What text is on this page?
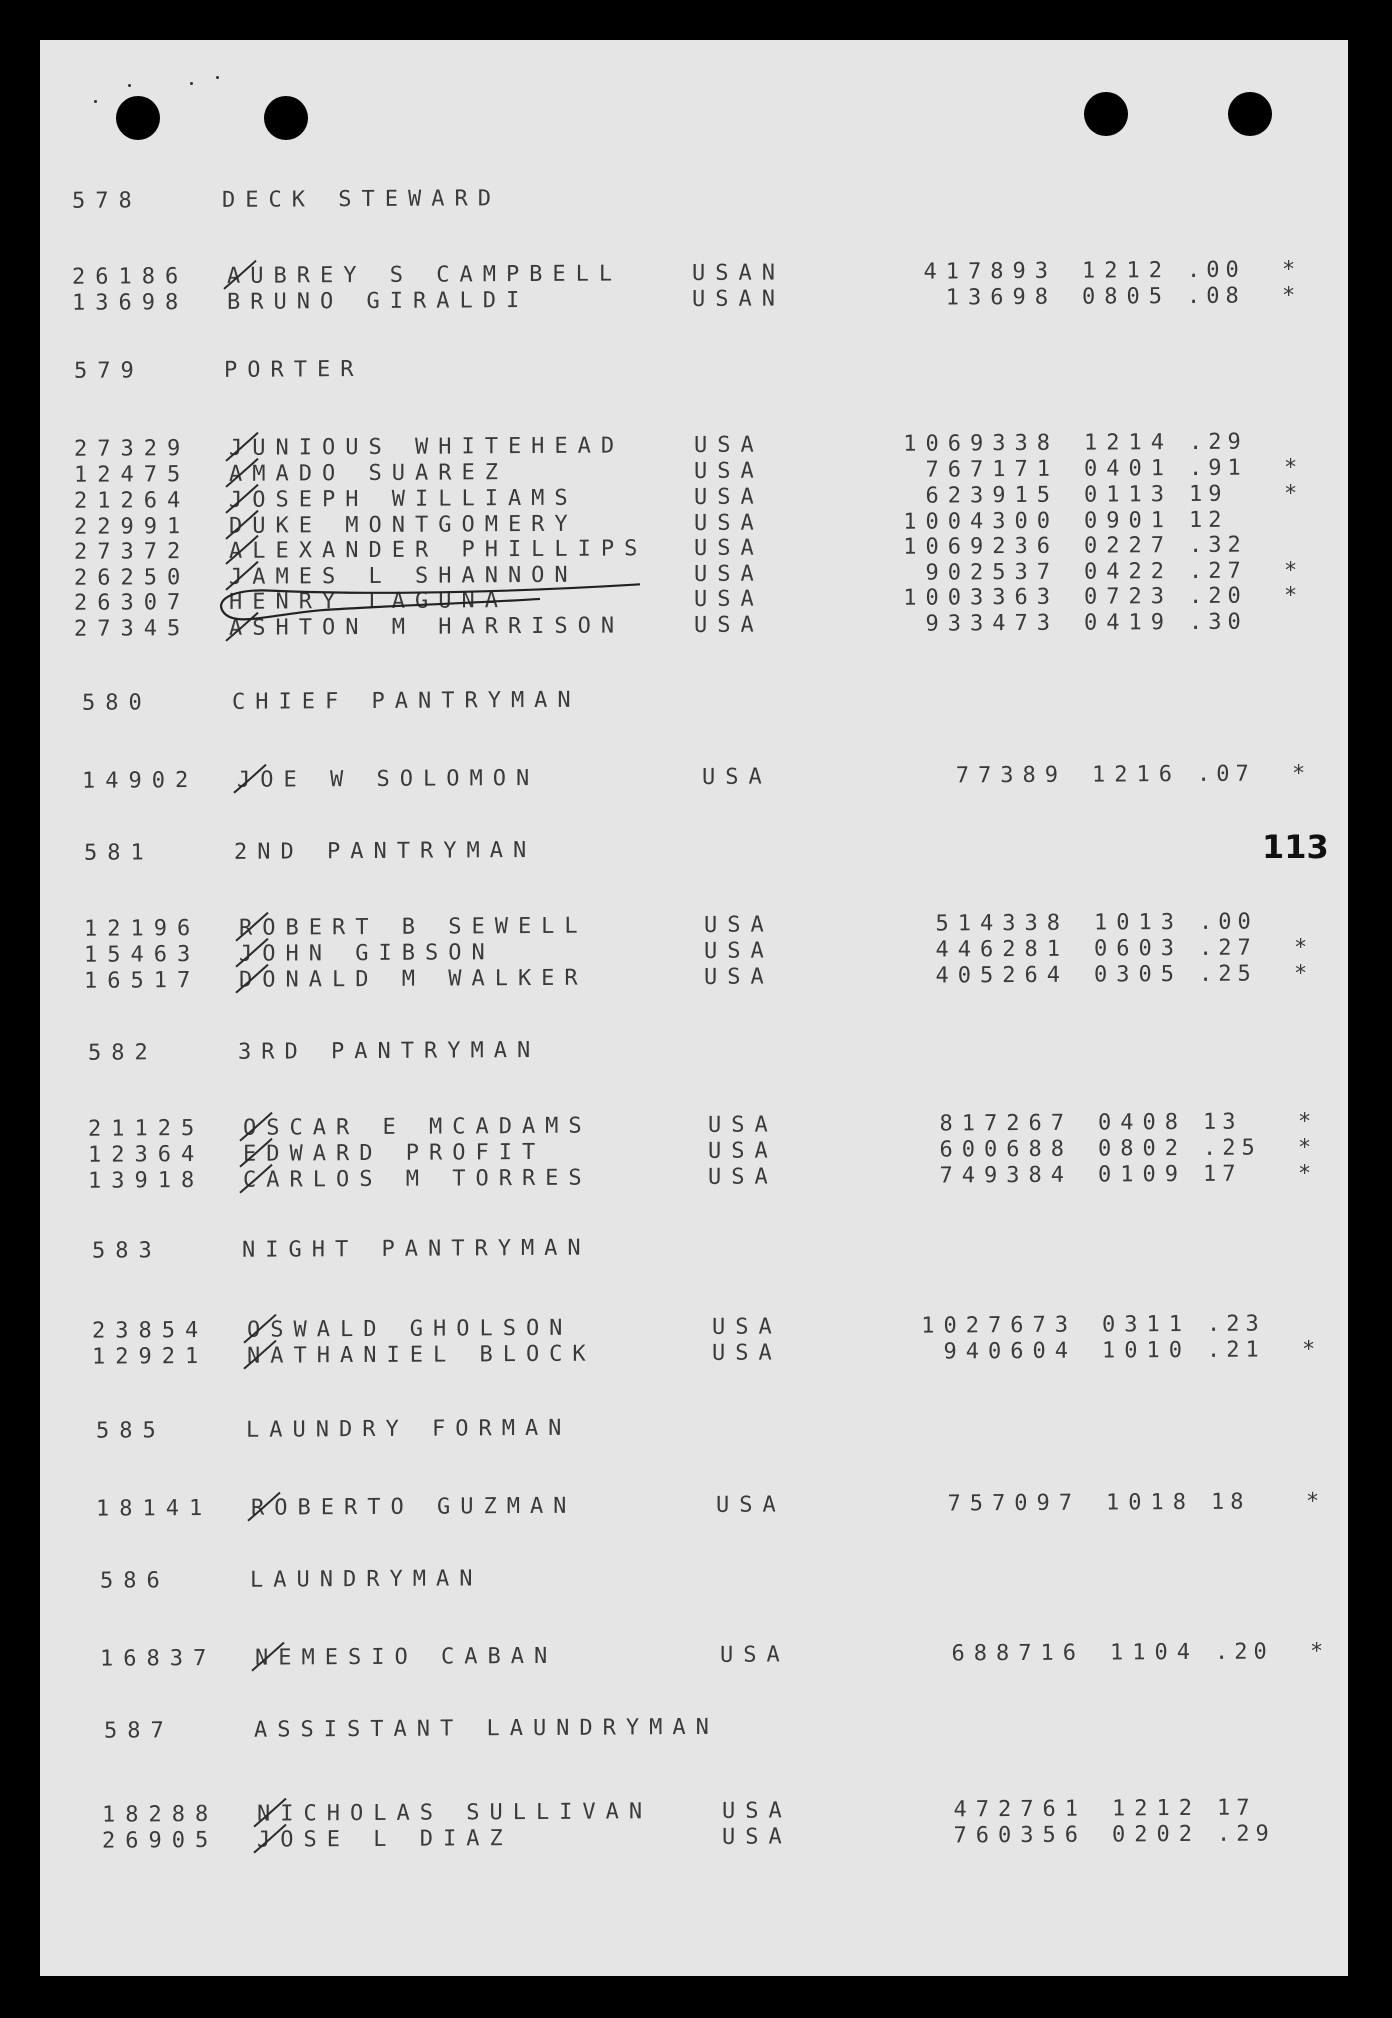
113
578	DECK STEWARD
26186 AUBREY S CAMPBELL	USAN	417893 1212 .00 *
13698 BRUNO GIRALDI	USAN	13698 0805 .08 *
579	PORTER
27329 JUNIOUS WHITEHEAD	USA	1069338 1214 .29
12475 AMADO SUAREZ	USA	767171 0401 .91 *
21264 JOSEPH WILLIAMS	USA	623915 0113 19	*
22991 DUKE MONTGOMERY	USA	1004300 0901 12
27372 ALEXANDER PHILLIPS USA	1069236 0227 .32
26250 JAMES L SHANNON	USA	902537 0422 .27 *
26307 HENRY LAGUNA	USA	1003363 0723 .20 *
27345 ASHTON M HARRISON	USA	933473 0419 .30
580	CHIEF PANTRYMAN
14902 JOE W SOLOMON	USA	77389 1216 .07 *
581	2ND PANTRYMAN
12196 ROBERT B SEWELL	USA	514338 1013 .00
15463 JOHN GIBSON	USA	446281 0603 .27 *
16517 DONALD M WALKER	USA	405264 0305 .25 *
582	3RD PANTRYMAN
21125 OSCAR E MCADAMS	USA	817267 0408 13	*
12364 EDWARD PROFIT	USA	600688 0802 .25 *
13918 CARLOS M TORRES	USA	749384 0109 17	*
583	NIGHT PANTRYMAN
23854 OSWALD GHOLSON	USA	1027673 0311 .23
12921 NATHANIEL BLOCK	USA	940604 1010 .21 *
585	LAUNDRY FORMAN
18141 ROBERTO GUZMAN	USA	757097 1018 18	*
586	LAUNDRYMAN
16837 NEMESIO CABAN	USA	688716 1104 .20 *
587	ASSISTANT LAUNDRYMAN
18288 NICHOLAS SULLIVAN	USA	472761 1212 17
26905 JOSE L DIAZ	USA	760356 0202 .29
